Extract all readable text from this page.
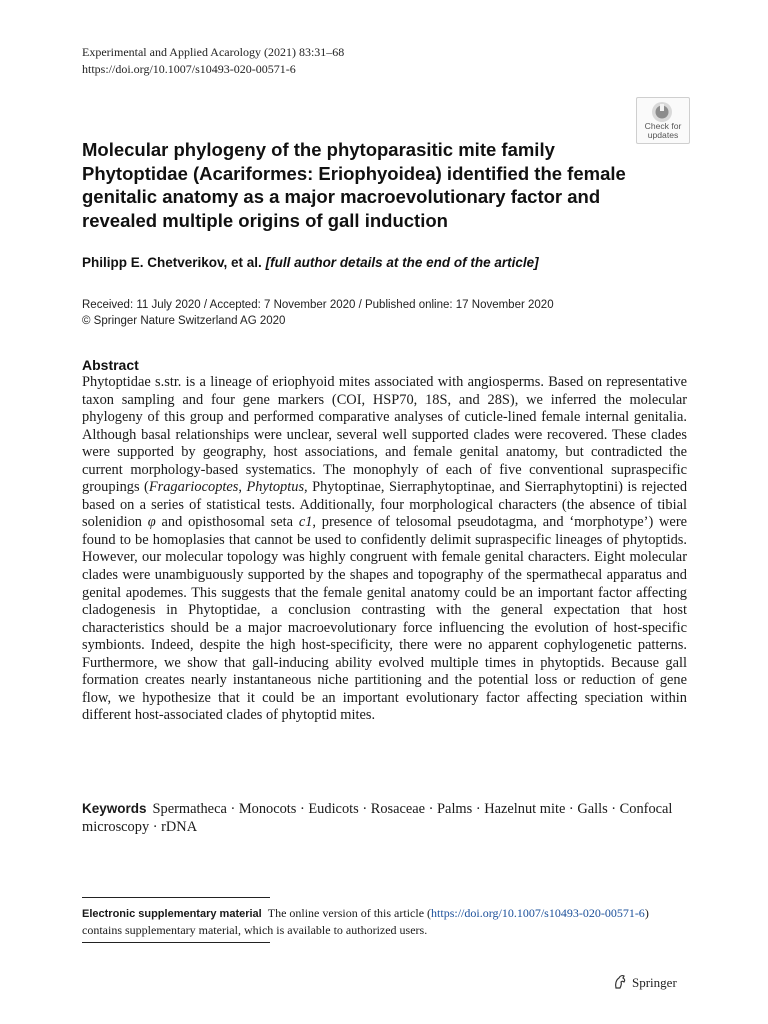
Experimental and Applied Acarology (2021) 83:31–68
https://doi.org/10.1007/s10493-020-00571-6
Check for
updates
Molecular phylogeny of the phytoparasitic mite family Phytoptidae (Acariformes: Eriophyoidea) identified the female genitalic anatomy as a major macroevolutionary factor and revealed multiple origins of gall induction
Philipp E. Chetverikov, et al. [full author details at the end of the article]
Received: 11 July 2020 / Accepted: 7 November 2020 / Published online: 17 November 2020
© Springer Nature Switzerland AG 2020
Abstract
Phytoptidae s.str. is a lineage of eriophyoid mites associated with angiosperms. Based on representative taxon sampling and four gene markers (COI, HSP70, 18S, and 28S), we inferred the molecular phylogeny of this group and performed comparative analyses of cuticle-lined female internal genitalia. Although basal relationships were unclear, several well supported clades were recovered. These clades were supported by geography, host associations, and female genital anatomy, but contradicted the current morphology-based systematics. The monophyly of each of five conventional supraspecific groupings (Fragariocoptes, Phytoptus, Phytoptinae, Sierraphytoptinae, and Sierraphytoptini) is rejected based on a series of statistical tests. Additionally, four morphological characters (the absence of tibial solenidion φ and opisthosomal seta c1, presence of telosomal pseudotagma, and ‘morphotype’) were found to be homoplasies that cannot be used to confidently delimit supraspecific lineages of phytoptids. However, our molecular topology was highly congruent with female genital characters. Eight molecular clades were unambiguously supported by the shapes and topography of the spermathecal apparatus and genital apodemes. This suggests that the female genital anatomy could be an important factor affecting cladogenesis in Phytoptidae, a conclusion contrasting with the general expectation that host characteristics should be a major macroevolutionary force influencing the evolution of host-specific symbionts. Indeed, despite the high host-specificity, there were no apparent cophylogenetic patterns. Furthermore, we show that gall-inducing ability evolved multiple times in phytoptids. Because gall formation creates nearly instantaneous niche partitioning and the potential loss or reduction of gene flow, we hypothesize that it could be an important evolutionary factor affecting speciation within different host-associated clades of phytoptid mites.
Keywords Spermatheca · Monocots · Eudicots · Rosaceae · Palms · Hazelnut mite · Galls · Confocal microscopy · rDNA
Electronic supplementary material The online version of this article (https://doi.org/10.1007/s10493-020-00571-6) contains supplementary material, which is available to authorized users.
Springer
